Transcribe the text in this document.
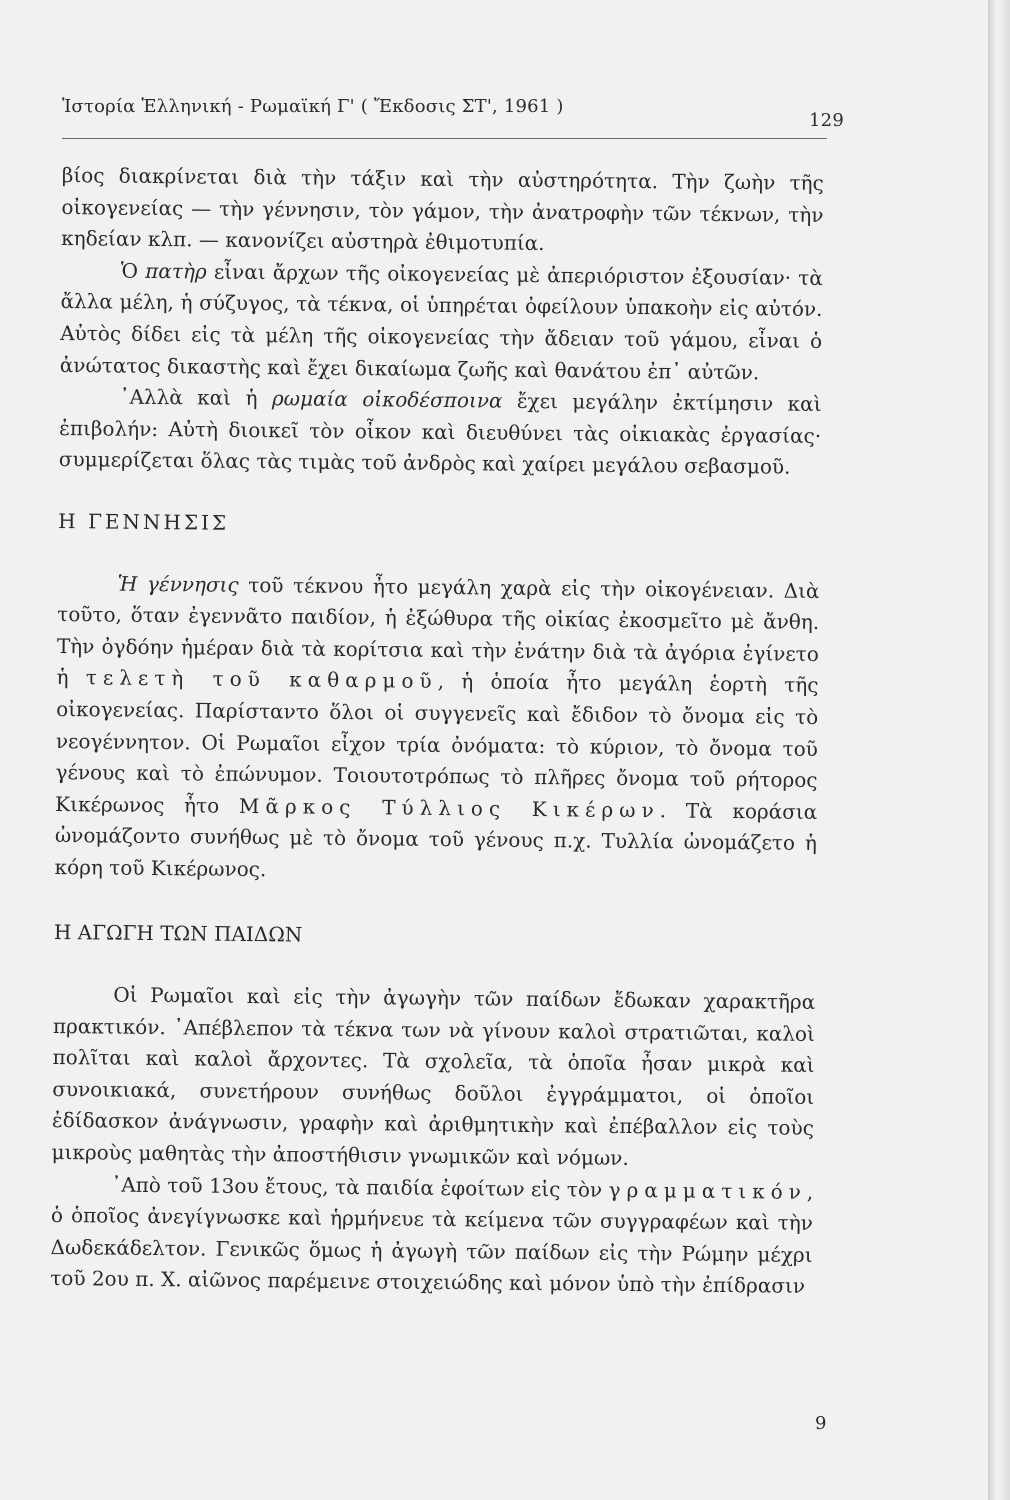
Ἱστορία Ἑλληνική - Ρωμαϊκή Γ' ( Ἔκδοσις ΣΤ', 1961 )
129

βίος διακρίνεται διὰ τὴν τάξιν καὶ τὴν αὐστηρότητα. Τὴν ζωὴν τῆς οἰκογενείας — τὴν γέννησιν, τὸν γάμον, τὴν ἀνατροφὴν τῶν τέκνων, τὴν κηδείαν κλπ. — κανονίζει αὐστηρὰ ἐθιμοτυπία.

Ὁ πατὴρ εἶναι ἄρχων τῆς οἰκογενείας μὲ ἀπεριόριστον ἐξουσίαν· τὰ ἄλλα μέλη, ἡ σύζυγος, τὰ τέκνα, οἱ ὑπηρέται ὀφείλουν ὑπακοὴν εἰς αὐτόν. Αὐτὸς δίδει εἰς τὰ μέλη τῆς οἰκογενείας τὴν ἄδειαν τοῦ γάμου, εἶναι ὁ ἀνώτατος δικαστὴς καὶ ἔχει δικαίωμα ζωῆς καὶ θανάτου ἐπ᾽ αὐτῶν.

᾽Αλλὰ καὶ ἡ ρωμαία οἰκοδέσποινα ἔχει μεγάλην ἐκτίμησιν καὶ ἐπιβολήν: Αὐτὴ διοικεῖ τὸν οἶκον καὶ διευθύνει τὰς οἰκιακὰς ἐργασίας· συμμερίζεται ὅλας τὰς τιμὰς τοῦ ἀνδρὸς καὶ χαίρει μεγάλου σεβασμοῦ.

Η ΓΕΝΝΗΣΙΣ

Ἡ γέννησις τοῦ τέκνου ἦτο μεγάλη χαρὰ εἰς τὴν οἰκογένειαν. Διὰ τοῦτο, ὅταν ἐγεννᾶτο παιδίον, ἡ ἐξώθυρα τῆς οἰκίας ἐκοσμεῖτο μὲ ἄνθη. Τὴν ὀγδόην ἡμέραν διὰ τὰ κορίτσια καὶ τὴν ἐνάτην διὰ τὰ ἀγόρια ἐγίνετο ἡ τελετὴ τοῦ καθαρμοῦ, ἡ ὁποία ἦτο μεγάλη ἑορτὴ τῆς οἰκογενείας. Παρίσταντο ὅλοι οἱ συγγενεῖς καὶ ἔδιδον τὸ ὄνομα εἰς τὸ νεογέννητον. Οἱ Ρωμαῖοι εἶχον τρία ὀνόματα: τὸ κύριον, τὸ ὄνομα τοῦ γένους καὶ τὸ ἐπώνυμον. Τοιουτοτρόπως τὸ πλῆρες ὄνομα τοῦ ρήτορος Κικέρωνος ἦτο Μᾶρκος Τύλλιος Κικέρων. Τὰ κοράσια ὠνομάζοντο συνήθως μὲ τὸ ὄνομα τοῦ γένους π.χ. Τυλλία ὠνομάζετο ἡ κόρη τοῦ Κικέρωνος.

Η ΑΓΩΓΗ ΤΩΝ ΠΑΙΔΩΝ

Οἱ Ρωμαῖοι καὶ εἰς τὴν ἀγωγὴν τῶν παίδων ἔδωκαν χαρακτῆρα πρακτικόν. ᾽Απέβλεπον τὰ τέκνα των νὰ γίνουν καλοὶ στρατιῶται, καλοὶ πολῖται καὶ καλοὶ ἄρχοντες. Τὰ σχολεῖα, τὰ ὁποῖα ἦσαν μικρὰ καὶ συνοικιακά, συνετήρουν συνήθως δοῦλοι ἐγγράμματοι, οἱ ὁποῖοι ἐδίδασκον ἀνάγνωσιν, γραφὴν καὶ ἀριθμητικὴν καὶ ἐπέβαλλον εἰς τοὺς μικροὺς μαθητὰς τὴν ἀποστήθισιν γνωμικῶν καὶ νόμων.

᾽Απὸ τοῦ 13ου ἔτους, τὰ παιδία ἐφοίτων εἰς τὸν γραμματικόν, ὁ ὁποῖος ἀνεγίγνωσκε καὶ ἡρμήνευε τὰ κείμενα τῶν συγγραφέων καὶ τὴν Δωδεκάδελτον. Γενικῶς ὅμως ἡ ἀγωγὴ τῶν παίδων εἰς τὴν Ρώμην μέχρι τοῦ 2ου π. Χ. αἰῶνος παρέμεινε στοιχειώδης καὶ μόνον ὑπὸ τὴν ἐπίδρασιν

9
